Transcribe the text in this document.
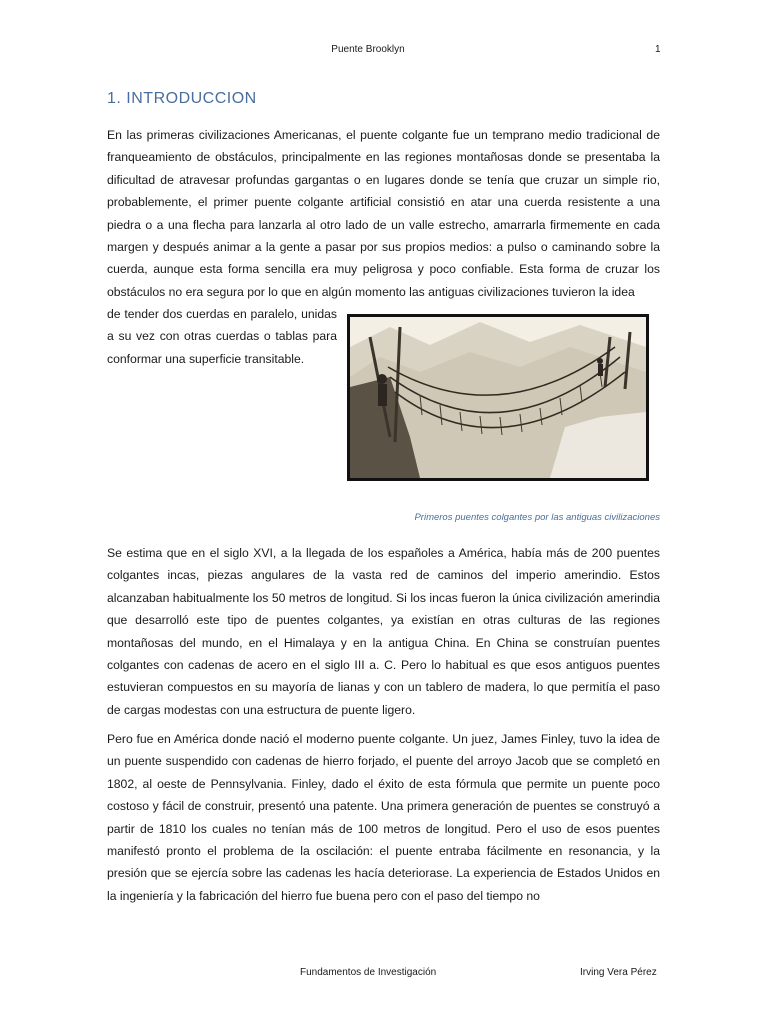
Puente Brooklyn	1
1. INTRODUCCION

En las primeras civilizaciones Americanas, el puente colgante fue un temprano medio tradicional de franqueamiento de obstáculos, principalmente en las regiones montañosas donde se presentaba la dificultad de atravesar profundas gargantas o en lugares donde se tenía que cruzar un simple rio, probablemente, el primer puente colgante artificial consistió en atar una cuerda resistente a una piedra o a una flecha para lanzarla al otro lado de un valle estrecho, amarrarla firmemente en cada margen y después animar a la gente a pasar por sus propios medios: a pulso o caminando sobre la cuerda, aunque esta forma sencilla era muy peligrosa y poco confiable. Esta forma de cruzar los obstáculos no era segura por lo que en algún momento las antiguas civilizaciones tuvieron la idea

de tender dos cuerdas en paralelo, unidas a su vez con otras cuerdas o tablas para conformar una superficie transitable.

Primeros puentes colgantes por las antiguas civilizaciones

Se estima que en el siglo XVI, a la llegada de los españoles a América, había más de 200 puentes colgantes incas, piezas angulares de la vasta red de caminos del imperio amerindio. Estos alcanzaban habitualmente los 50 metros de longitud. Si los incas fueron la única civilización amerindia que desarrolló este tipo de puentes colgantes, ya existían en otras culturas de las regiones montañosas del mundo, en el Himalaya y en la antigua China. En China se construían puentes colgantes con cadenas de acero en el siglo III a. C. Pero lo habitual es que esos antiguos puentes estuvieran compuestos en su mayoría de lianas y con un tablero de madera, lo que permitía el paso de cargas modestas con una estructura de puente ligero.

Pero fue en América donde nació el moderno puente colgante. Un juez, James Finley, tuvo la idea de un puente suspendido con cadenas de hierro forjado, el puente del arroyo Jacob que se completó en 1802, al oeste de Pennsylvania. Finley, dado el éxito de esta fórmula que permite un puente poco costoso y fácil de construir, presentó una patente. Una primera generación de puentes se construyó a partir de 1810 los cuales no tenían más de 100 metros de longitud. Pero el uso de esos puentes manifestó pronto el problema de la oscilación: el puente entraba fácilmente en resonancia, y la presión que se ejercía sobre las cadenas les hacía deteriorase. La experiencia de Estados Unidos en la ingeniería y la fabricación del hierro fue buena pero con el paso del tiempo no

Fundamentos de Investigación	Irving Vera Pérez
